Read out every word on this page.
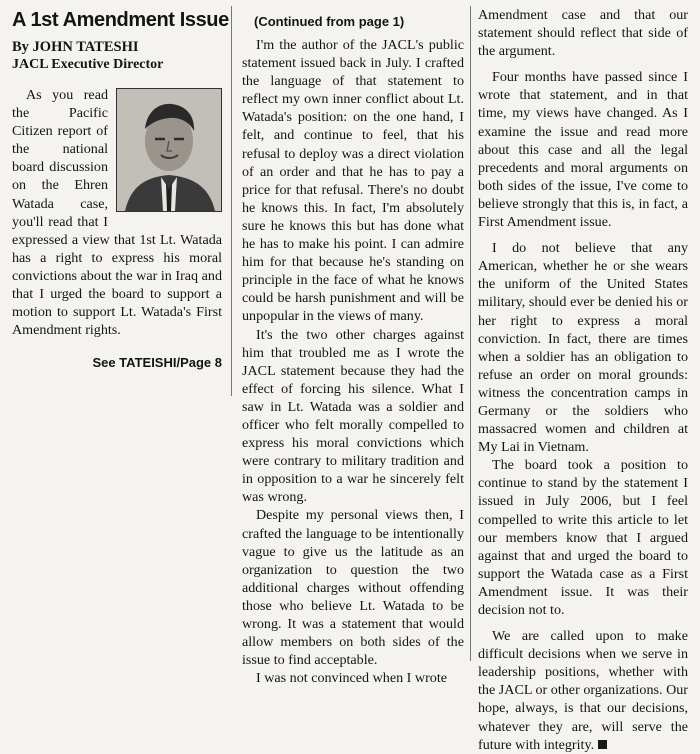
A 1st Amendment Issue
By JOHN TATESHI
JACL Executive Director

As you read the Pacific Citizen report of the national board discussion on the Ehren Watada case, you'll read that I expressed a view that 1st Lt. Watada has a right to express his moral convictions about the war in Iraq and that I urged the board to support a motion to support Lt. Watada's First Amendment rights.

See TATEISHI/Page 8
(Continued from page 1)

I'm the author of the JACL's public statement issued back in July. I crafted the language of that statement to reflect my own inner conflict about Lt. Watada's position: on the one hand, I felt, and continue to feel, that his refusal to deploy was a direct violation of an order and that he has to pay a price for that refusal. There's no doubt he knows this. In fact, I'm absolutely sure he knows this but has done what he has to make his point. I can admire him for that because he's standing on principle in the face of what he knows could be harsh punishment and will be unpopular in the views of many.

It's the two other charges against him that troubled me as I wrote the JACL statement because they had the effect of forcing his silence. What I saw in Lt. Watada was a soldier and officer who felt morally compelled to express his moral convictions which were contrary to military tradition and in opposition to a war he sincerely felt was wrong.

Despite my personal views then, I crafted the language to be intentionally vague to give us the latitude as an organization to question the two additional charges without offending those who believe Lt. Watada to be wrong. It was a statement that would allow members on both sides of the issue to find acceptable.

I was not convinced when I wrote

Amendment case and that our statement should reflect that side of the argument.

Four months have passed since I wrote that statement, and in that time, my views have changed. As I examine the issue and read more about this case and all the legal precedents and moral arguments on both sides of the issue, I've come to believe strongly that this is, in fact, a First Amendment issue.

I do not believe that any American, whether he or she wears the uniform of the United States military, should ever be denied his or her right to express a moral conviction. In fact, there are times when a soldier has an obligation to refuse an order on moral grounds: witness the concentration camps in Germany or the soldiers who massacred women and children at My Lai in Vietnam.

The board took a position to continue to stand by the statement I issued in July 2006, but I feel compelled to write this article to let our members know that I argued against that and urged the board to support the Watada case as a First Amendment issue. It was their decision not to.

We are called upon to make difficult decisions when we serve in leadership positions, whether with the JACL or other organizations. Our hope, always, is that our decisions, whatever they are, will serve the future with integrity.
